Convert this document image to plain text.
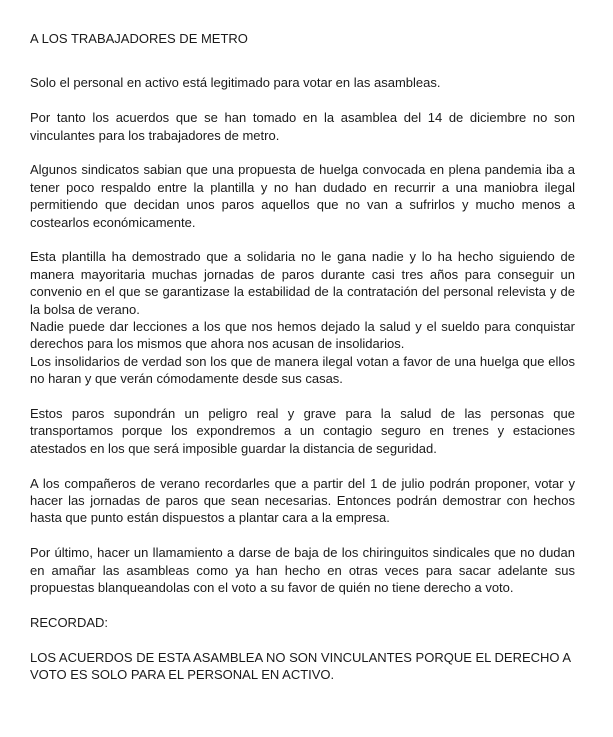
A LOS TRABAJADORES DE METRO

Solo el personal en activo está legitimado para votar en las asambleas.

Por tanto los acuerdos que se han tomado en la asamblea del 14 de diciembre no son vinculantes para los trabajadores de metro.

Algunos sindicatos sabian que una propuesta de huelga convocada en plena pandemia iba a tener poco respaldo entre la plantilla y no han dudado en recurrir a una maniobra ilegal permitiendo que decidan unos paros aquellos que no van a sufrirlos y mucho menos a costearlos económicamente.

Esta plantilla ha demostrado que a solidaria no le gana nadie y lo ha hecho siguiendo de manera mayoritaria muchas jornadas de paros durante casi tres años para conseguir un convenio en el que se garantizase la estabilidad de la contratación del personal relevista y de la bolsa de verano.

Nadie puede dar lecciones a los que nos hemos dejado la salud y el sueldo para conquistar derechos para los mismos que ahora nos acusan de insolidarios.

Los insolidarios de verdad son los que de manera ilegal votan a favor de una huelga que ellos no haran y que verán cómodamente desde sus casas.

Estos paros supondrán un peligro real y grave para la salud de las personas que transportamos porque los expondremos a un contagio seguro en trenes y estaciones atestados en los que será imposible guardar la distancia de seguridad.

A los compañeros de verano recordarles que a partir del 1 de julio podrán proponer, votar y hacer las jornadas de paros que sean necesarias. Entonces podrán demostrar con hechos hasta que punto están dispuestos a plantar cara a la empresa.

Por último, hacer un llamamiento a darse de baja de los chiringuitos sindicales que no dudan en amañar las asambleas como ya han hecho en otras veces para sacar adelante sus propuestas blanqueandolas con el voto a su favor de quién no tiene derecho a voto.

RECORDAD:

LOS ACUERDOS DE ESTA ASAMBLEA NO SON VINCULANTES PORQUE EL DERECHO A VOTO ES SOLO PARA EL PERSONAL EN ACTIVO.
